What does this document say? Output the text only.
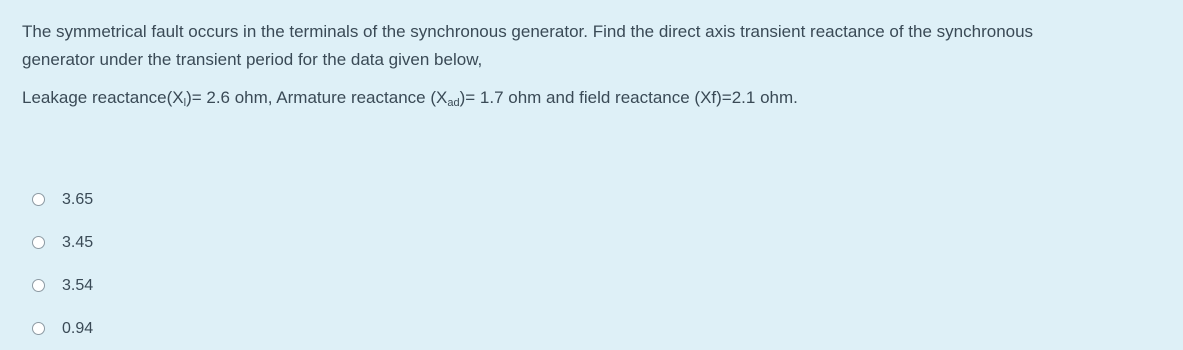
The symmetrical fault occurs in the terminals of the synchronous generator. Find the direct axis transient reactance of the synchronous

generator under the transient period for the data given below,

Leakage $reactance(X_l)= 2.6$ ohm, Armature reactance $(X_{ad})= 1.7$ ohm and field reactance (Xf)=2.1 ohm.

3.65
3.45
3.54
0.94
